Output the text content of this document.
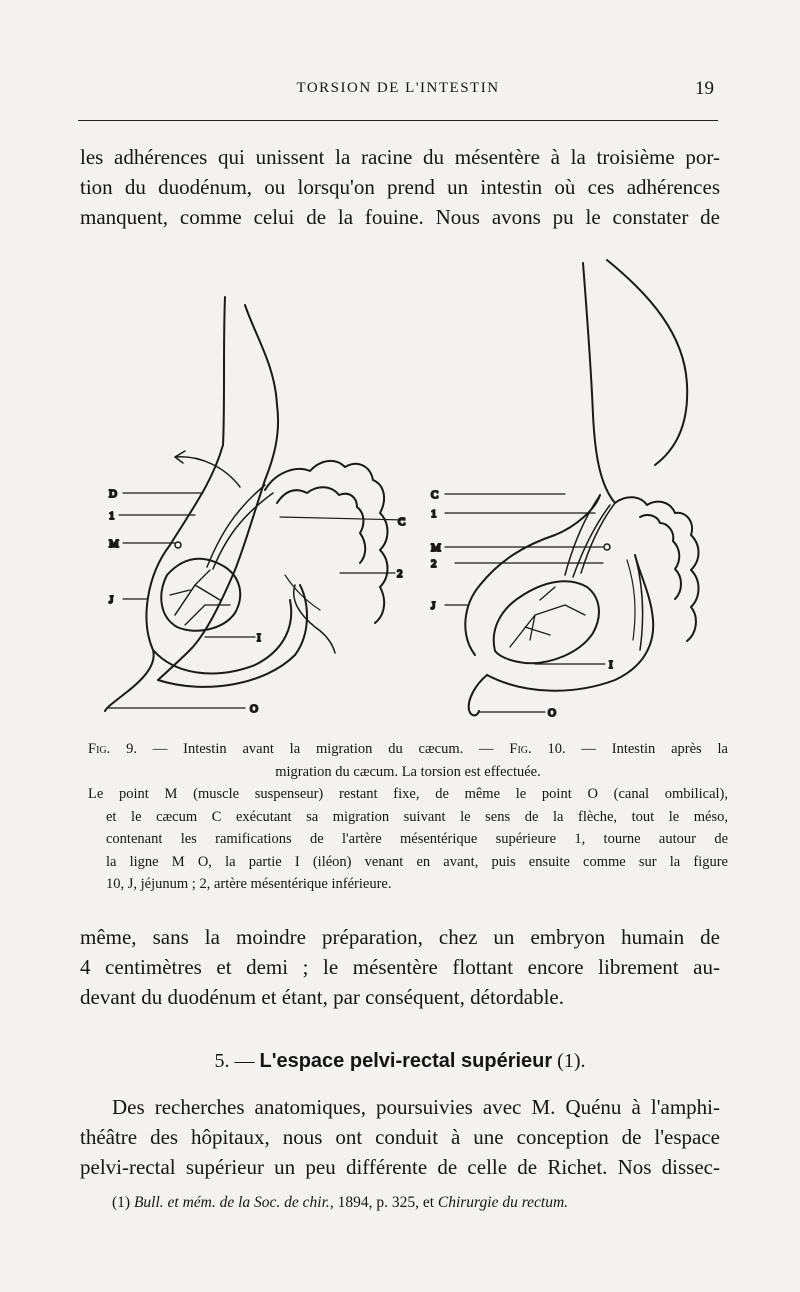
TORSION DE L'INTESTIN	19
les adhérences qui unissent la racine du mésentère à la troisième por-
tion du duodénum, ou lorsqu'on prend un intestin où ces adhérences
manquent, comme celui de la fouine. Nous avons pu le constater de
D
1
M
J
C
2
I
O
C
1
M
2
J
I
O
Fig. 9. — Intestin avant la migration du cæcum. — Fig. 10. — Intestin après la
migration du cæcum. La torsion est effectuée.
Le point M (muscle suspenseur) restant fixe, de même le point O (canal ombilical),
et le cæcum C exécutant sa migration suivant le sens de la flèche, tout le méso,
contenant les ramifications de l'artère mésentérique supérieure 1, tourne autour de
la ligne M O, la partie I (iléon) venant en avant, puis ensuite comme sur la figure
10, J, jéjunum ; 2, artère mésentérique inférieure.
même, sans la moindre préparation, chez un embryon humain de
4 centimètres et demi ; le mésentère flottant encore librement au-
devant du duodénum et étant, par conséquent, détordable.
5. — L'espace pelvi-rectal supérieur (1).
Des recherches anatomiques, poursuivies avec M. Quénu à l'amphi-
théâtre des hôpitaux, nous ont conduit à une conception de l'espace
pelvi-rectal supérieur un peu différente de celle de Richet. Nos dissec-
(1) Bull. et mém. de la Soc. de chir., 1894, p. 325, et Chirurgie du rectum.
